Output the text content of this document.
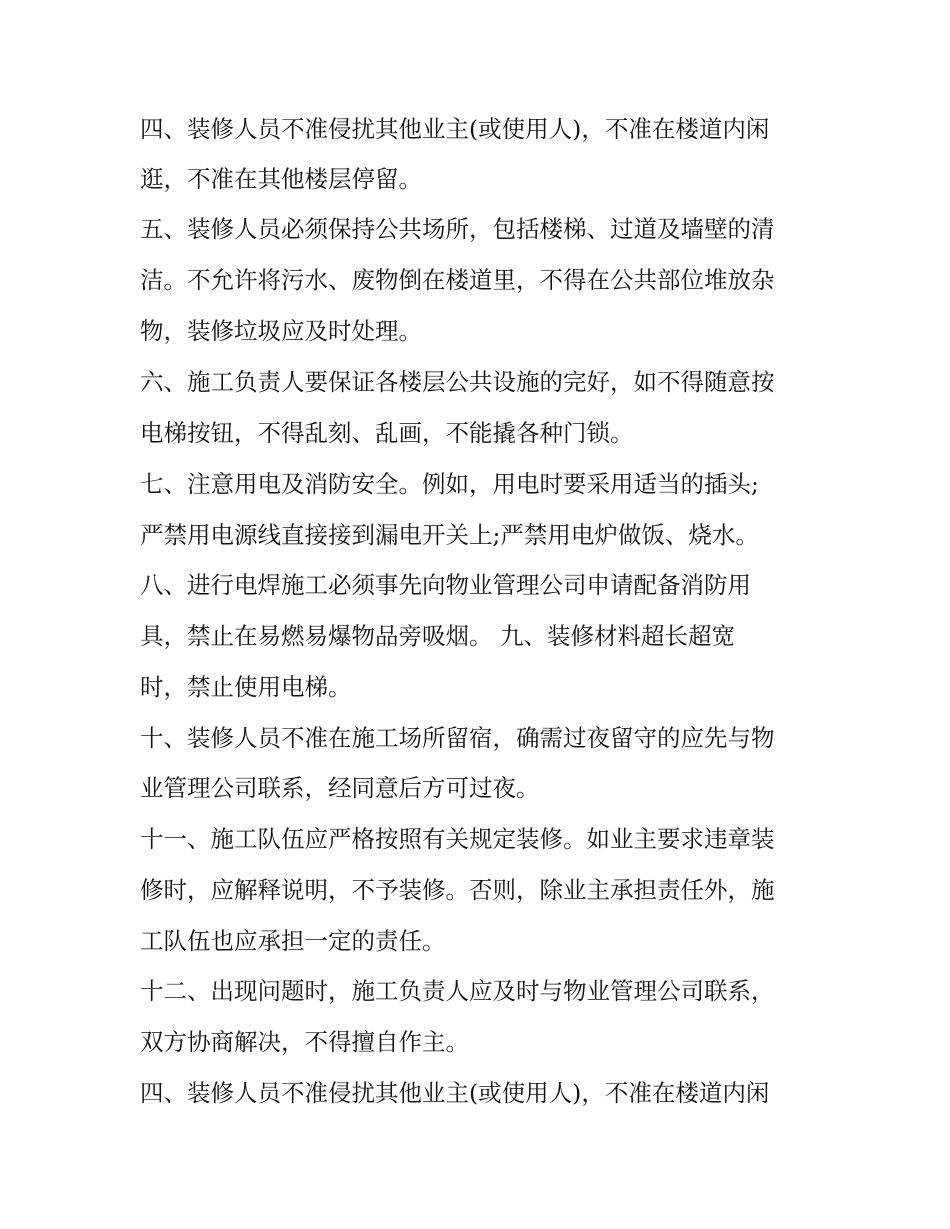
四、装修人员不准侵扰其他业主(或使用人)，不准在楼道内闲

逛，不准在其他楼层停留。

五、装修人员必须保持公共场所，包括楼梯、过道及墙壁的清

洁。不允许将污水、废物倒在楼道里，不得在公共部位堆放杂

物，装修垃圾应及时处理。

六、施工负责人要保证各楼层公共设施的完好，如不得随意按

电梯按钮，不得乱刻、乱画，不能撬各种门锁。

七、注意用电及消防安全。例如，用电时要采用适当的插头;

严禁用电源线直接接到漏电开关上;严禁用电炉做饭、烧水。

八、进行电焊施工必须事先向物业管理公司申请配备消防用

具，禁止在易燃易爆物品旁吸烟。 九、装修材料超长超宽

时，禁止使用电梯。

十、装修人员不准在施工场所留宿，确需过夜留守的应先与物

业管理公司联系，经同意后方可过夜。

十一、施工队伍应严格按照有关规定装修。如业主要求违章装

修时，应解释说明，不予装修。否则，除业主承担责任外，施

工队伍也应承担一定的责任。

十二、出现问题时，施工负责人应及时与物业管理公司联系，

双方协商解决，不得擅自作主。

四、装修人员不准侵扰其他业主(或使用人)，不准在楼道内闲
